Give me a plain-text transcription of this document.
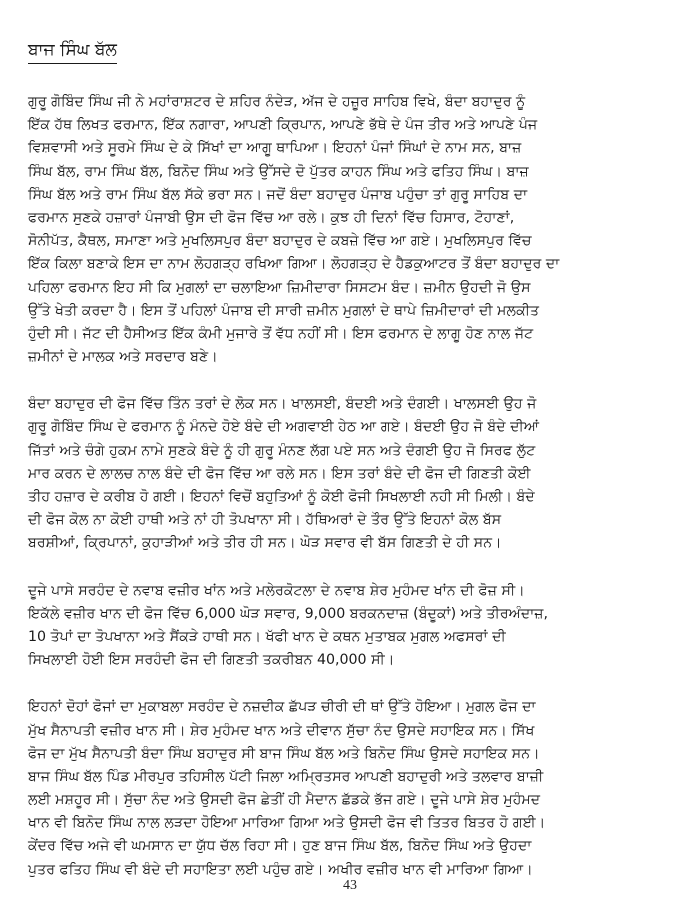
ਬਾਜ ਸਿੰਘ ਬੱਲ

ਗੁਰੂ ਗੋਬਿੰਦ ਸਿੰਘ ਜੀ ਨੇ ਮਹਾਂਰਾਸ਼ਟਰ ਦੇ ਸ਼ਹਿਰ ਨੰਦੇੜ, ਅੱਜ ਦੇ ਹਜ਼ੂਰ ਸਾਹਿਬ ਵਿਖੇ, ਬੰਦਾ ਬਹਾਦੁਰ ਨੂੰ
ਇੱਕ ਹੱਥ ਲਿਖਤ ਫਰਮਾਨ, ਇੱਕ ਨਗਾਰਾ, ਆਪਣੀ ਕ੍ਰਿਪਾਨ, ਆਪਣੇ ਭੱਥੇ ਦੇ ਪੰਜ ਤੀਰ ਅਤੇ ਆਪਣੇ ਪੰਜ
ਵਿਸ਼ਵਾਸੀ ਅਤੇ ਸੂਰਮੇ ਸਿੰਘ ਦੇ ਕੇ ਸਿੱਖਾਂ ਦਾ ਆਗੂ ਥਾਪਿਆ। ਇਹਨਾਂ ਪੰਜਾਂ ਸਿੰਘਾਂ ਦੇ ਨਾਮ ਸਨ, ਬਾਜ਼
ਸਿੰਘ ਬੱਲ, ਰਾਮ ਸਿੰਘ ਬੱਲ, ਬਿਨੋਦ ਸਿੰਘ ਅਤੇ ਉੱਸਦੇ ਦੋ ਪੁੱਤਰ ਕਾਹਨ ਸਿੰਘ ਅਤੇ ਫਤਿਹ ਸਿੰਘ। ਬਾਜ਼
ਸਿੰਘ ਬੱਲ ਅਤੇ ਰਾਮ ਸਿੰਘ ਬੱਲ ਸੱਕੇ ਭਰਾ ਸਨ। ਜਦੋਂ ਬੰਦਾ ਬਹਾਦੁਰ ਪੰਜਾਬ ਪਹੁੰਚਾ ਤਾਂ ਗੁਰੂ ਸਾਹਿਬ ਦਾ
ਫਰਮਾਨ ਸੁਣਕੇ ਹਜ਼ਾਰਾਂ ਪੰਜਾਬੀ ਉਸ ਦੀ ਫੋਜ ਵਿੱਚ ਆ ਰਲੇ। ਕੁਝ ਹੀ ਦਿਨਾਂ ਵਿੱਚ ਹਿਸਾਰ, ਟੋਹਾਣਾਂ,
ਸੋਨੀਪੱਤ, ਕੈਥਲ, ਸਮਾਣਾ ਅਤੇ ਮੁਖਲਿਸਪੁਰ ਬੰਦਾ ਬਹਾਦੁਰ ਦੇ ਕਬਜ਼ੇ ਵਿੱਚ ਆ ਗਏ। ਮੁਖਲਿਸਪੁਰ ਵਿੱਚ
ਇੱਕ ਕਿਲਾ ਬਣਾਕੇ ਇਸ ਦਾ ਨਾਮ ਲੋਹਗੜ੍ਹ ਰਖਿਆ ਗਿਆ। ਲੋਹਗੜ੍ਹ ਦੇ ਹੈਡਕੁਆਟਰ ਤੋਂ ਬੰਦਾ ਬਹਾਦੁਰ ਦਾ
ਪਹਿਲਾ ਫਰਮਾਨ ਇਹ ਸੀ ਕਿ ਮੁਗਲਾਂ ਦਾ ਚਲਾਇਆ ਜ਼ਿਮੀਦਾਰਾ ਸਿਸਟਮ ਬੰਦ। ਜ਼ਮੀਨ ਉਹਦੀ ਜੋ ਉਸ
ਉੱਤੇ ਖੇਤੀ ਕਰਦਾ ਹੈ। ਇਸ ਤੋਂ ਪਹਿਲਾਂ ਪੰਜਾਬ ਦੀ ਸਾਰੀ ਜ਼ਮੀਨ ਮੁਗਲਾਂ ਦੇ ਥਾਪੇ ਜ਼ਿਮੀਦਾਰਾਂ ਦੀ ਮਲਕੀਤ
ਹੁੰਦੀ ਸੀ। ਜੱਟ ਦੀ ਹੈਸੀਅਤ ਇੱਕ ਕੰਮੀ ਮੁਜਾਰੇ ਤੋਂ ਵੱਧ ਨਹੀਂ ਸੀ। ਇਸ ਫਰਮਾਨ ਦੇ ਲਾਗੂ ਹੋਣ ਨਾਲ ਜੱਟ
ਜ਼ਮੀਨਾਂ ਦੇ ਮਾਲਕ ਅਤੇ ਸਰਦਾਰ ਬਣੇ।

ਬੰਦਾ ਬਹਾਦੁਰ ਦੀ ਫੋਜ ਵਿੱਚ ਤਿੰਨ ਤਰਾਂ ਦੇ ਲੋਕ ਸਨ। ਖਾਲਸਈ, ਬੰਦਈ ਅਤੇ ਦੰਗਈ। ਖਾਲਸਈ ਉਹ ਜੋ
ਗੁਰੂ ਗੋਬਿੰਦ ਸਿੰਘ ਦੇ ਫਰਮਾਨ ਨੂੰ ਮੰਨਦੇ ਹੋਏ ਬੰਦੇ ਦੀ ਅਗਵਾਈ ਹੇਠ ਆ ਗਏ। ਬੰਦਈ ਉਹ ਜੋ ਬੰਦੇ ਦੀਆਂ
ਜਿੱਤਾਂ ਅਤੇ ਚੰਗੇ ਹੁਕਮ ਨਾਮੇ ਸੁਣਕੇ ਬੰਦੇ ਨੂੰ ਹੀ ਗੁਰੂ ਮੰਨਣ ਲੱਗ ਪਏ ਸਨ ਅਤੇ ਦੰਗਈ ਉਹ ਜੋ ਸਿਰਫ ਲੁੱਟ
ਮਾਰ ਕਰਨ ਦੇ ਲਾਲਚ ਨਾਲ ਬੰਦੇ ਦੀ ਫੋਜ ਵਿੱਚ ਆ ਰਲੇ ਸਨ। ਇਸ ਤਰਾਂ ਬੰਦੇ ਦੀ ਫੋਜ ਦੀ ਗਿਣਤੀ ਕੋਈ
ਤੀਹ ਹਜ਼ਾਰ ਦੇ ਕਰੀਬ ਹੋ ਗਈ। ਇਹਨਾਂ ਵਿਚੋਂ ਬਹੁਤਿਆਂ ਨੂੰ ਕੋਈ ਫੋਜੀ ਸਿਖਲਾਈ ਨਹੀ ਸੀ ਮਿਲੀ। ਬੰਦੇ
ਦੀ ਫੋਜ ਕੋਲ ਨਾ ਕੋਈ ਹਾਥੀ ਅਤੇ ਨਾਂ ਹੀ ਤੋਪਖਾਨਾ ਸੀ। ਹੱਥਿਅਰਾਂ ਦੇ ਤੌਰ ਉੱਤੇ ਇਹਨਾਂ ਕੋਲ ਬੱਸ
ਬਰਸ਼ੀਆਂ, ਕ੍ਰਿਪਾਨਾਂ, ਕੁਹਾੜੀਆਂ ਅਤੇ ਤੀਰ ਹੀ ਸਨ। ਘੋੜ ਸਵਾਰ ਵੀ ਬੱਸ ਗਿਣਤੀ ਦੇ ਹੀ ਸਨ।

ਦੂਜੇ ਪਾਸੇ ਸਰਹੰਦ ਦੇ ਨਵਾਬ ਵਜ਼ੀਰ ਖਾਂਨ ਅਤੇ ਮਲੇਰਕੋਟਲਾ ਦੇ ਨਵਾਬ ਸ਼ੇਰ ਮੁਹੰਮਦ ਖਾਂਨ ਦੀ ਫੋਜ਼ ਸੀ।
ਇਕੱਲੇ ਵਜ਼ੀਰ ਖਾਨ ਦੀ ਫੋਜ ਵਿੱਚ 6,000 ਘੋੜ ਸਵਾਰ, 9,000 ਬਰਕਨਦਾਜ਼ (ਬੰਦੂਕਾਂ) ਅਤੇ ਤੀਰਅੰਦਾਜ਼,
10 ਤੋਪਾਂ ਦਾ ਤੋਪਖਾਨਾ ਅਤੇ ਸੈਂਕੜੇ ਹਾਥੀ ਸਨ। ਖੱਫੀ ਖਾਨ ਦੇ ਕਥਨ ਮੁਤਾਬਕ ਮੁਗਲ ਅਫਸਰਾਂ ਦੀ
ਸਿਖਲਾਈ ਹੋਈ ਇਸ ਸਰਹੰਦੀ ਫੋਜ ਦੀ ਗਿਣਤੀ ਤਕਰੀਬਨ 40,000 ਸੀ।

ਇਹਨਾਂ ਦੋਹਾਂ ਫੋਜਾਂ ਦਾ ਮੁਕਾਬਲਾ ਸਰਹੰਦ ਦੇ ਨਜ਼ਦੀਕ ਛੱਪੜ ਚੀਰੀ ਦੀ ਥਾਂ ਉੱਤੇ ਹੋਇਆ। ਮੁਗਲ ਫੋਜ ਦਾ
ਮੁੱਖ ਸੈਨਾਪਤੀ ਵਜ਼ੀਰ ਖਾਨ ਸੀ। ਸ਼ੇਰ ਮੁਹੰਮਦ ਖਾਨ ਅਤੇ ਦੀਵਾਨ ਸੁੱਚਾ ਨੰਦ ਉਸਦੇ ਸਹਾਇਕ ਸਨ। ਸਿੱਖ
ਫੋਜ ਦਾ ਮੁੱਖ ਸੈਨਾਪਤੀ ਬੰਦਾ ਸਿੰਘ ਬਹਾਦੁਰ ਸੀ ਬਾਜ ਸਿੰਘ ਬੱਲ ਅਤੇ ਬਿਨੋਦ ਸਿੰਘ ਉਸਦੇ ਸਹਾਇਕ ਸਨ।
ਬਾਜ ਸਿੰਘ ਬੱਲ ਪਿੰਡ ਮੀਰਪੁਰ ਤਹਿਸੀਲ ਪੱਟੀ ਜਿਲਾ ਅਮ੍ਰਿਤਸਰ ਆਪਣੀ ਬਹਾਦੁਰੀ ਅਤੇ ਤਲਵਾਰ ਬਾਜ਼ੀ
ਲਈ ਮਸ਼ਹੂਰ ਸੀ। ਸੁੱਚਾ ਨੰਦ ਅਤੇ ਉਸਦੀ ਫੋਜ ਛੇਤੀਂ ਹੀ ਮੈਦਾਨ ਛੱਡਕੇ ਭੱਜ ਗਏ। ਦੂਜੇ ਪਾਸੇ ਸ਼ੇਰ ਮੁਹੰਮਦ
ਖਾਨ ਵੀ ਬਿਨੋਦ ਸਿੰਘ ਨਾਲ ਲੜਦਾ ਹੋਇਆ ਮਾਰਿਆ ਗਿਆ ਅਤੇ ਉਸਦੀ ਫੋਜ ਵੀ ਤਿਤਰ ਬਿਤਰ ਹੋ ਗਈ।
ਕੇਂਦਰ ਵਿੱਚ ਅਜੇ ਵੀ ਘਮਸਾਨ ਦਾ ਯੁੱਧ ਚੱਲ ਰਿਹਾ ਸੀ। ਹੁਣ ਬਾਜ ਸਿੰਘ ਬੱਲ, ਬਿਨੋਦ ਸਿੰਘ ਅਤੇ ਉਹਦਾ
ਪੁਤਰ ਫਤਿਹ ਸਿੰਘ ਵੀ ਬੰਦੇ ਦੀ ਸਹਾਇਤਾ ਲਈ ਪਹੁੰਚ ਗਏ। ਅਖੀਰ ਵਜ਼ੀਰ ਖਾਨ ਵੀ ਮਾਰਿਆ ਗਿਆ।

43
